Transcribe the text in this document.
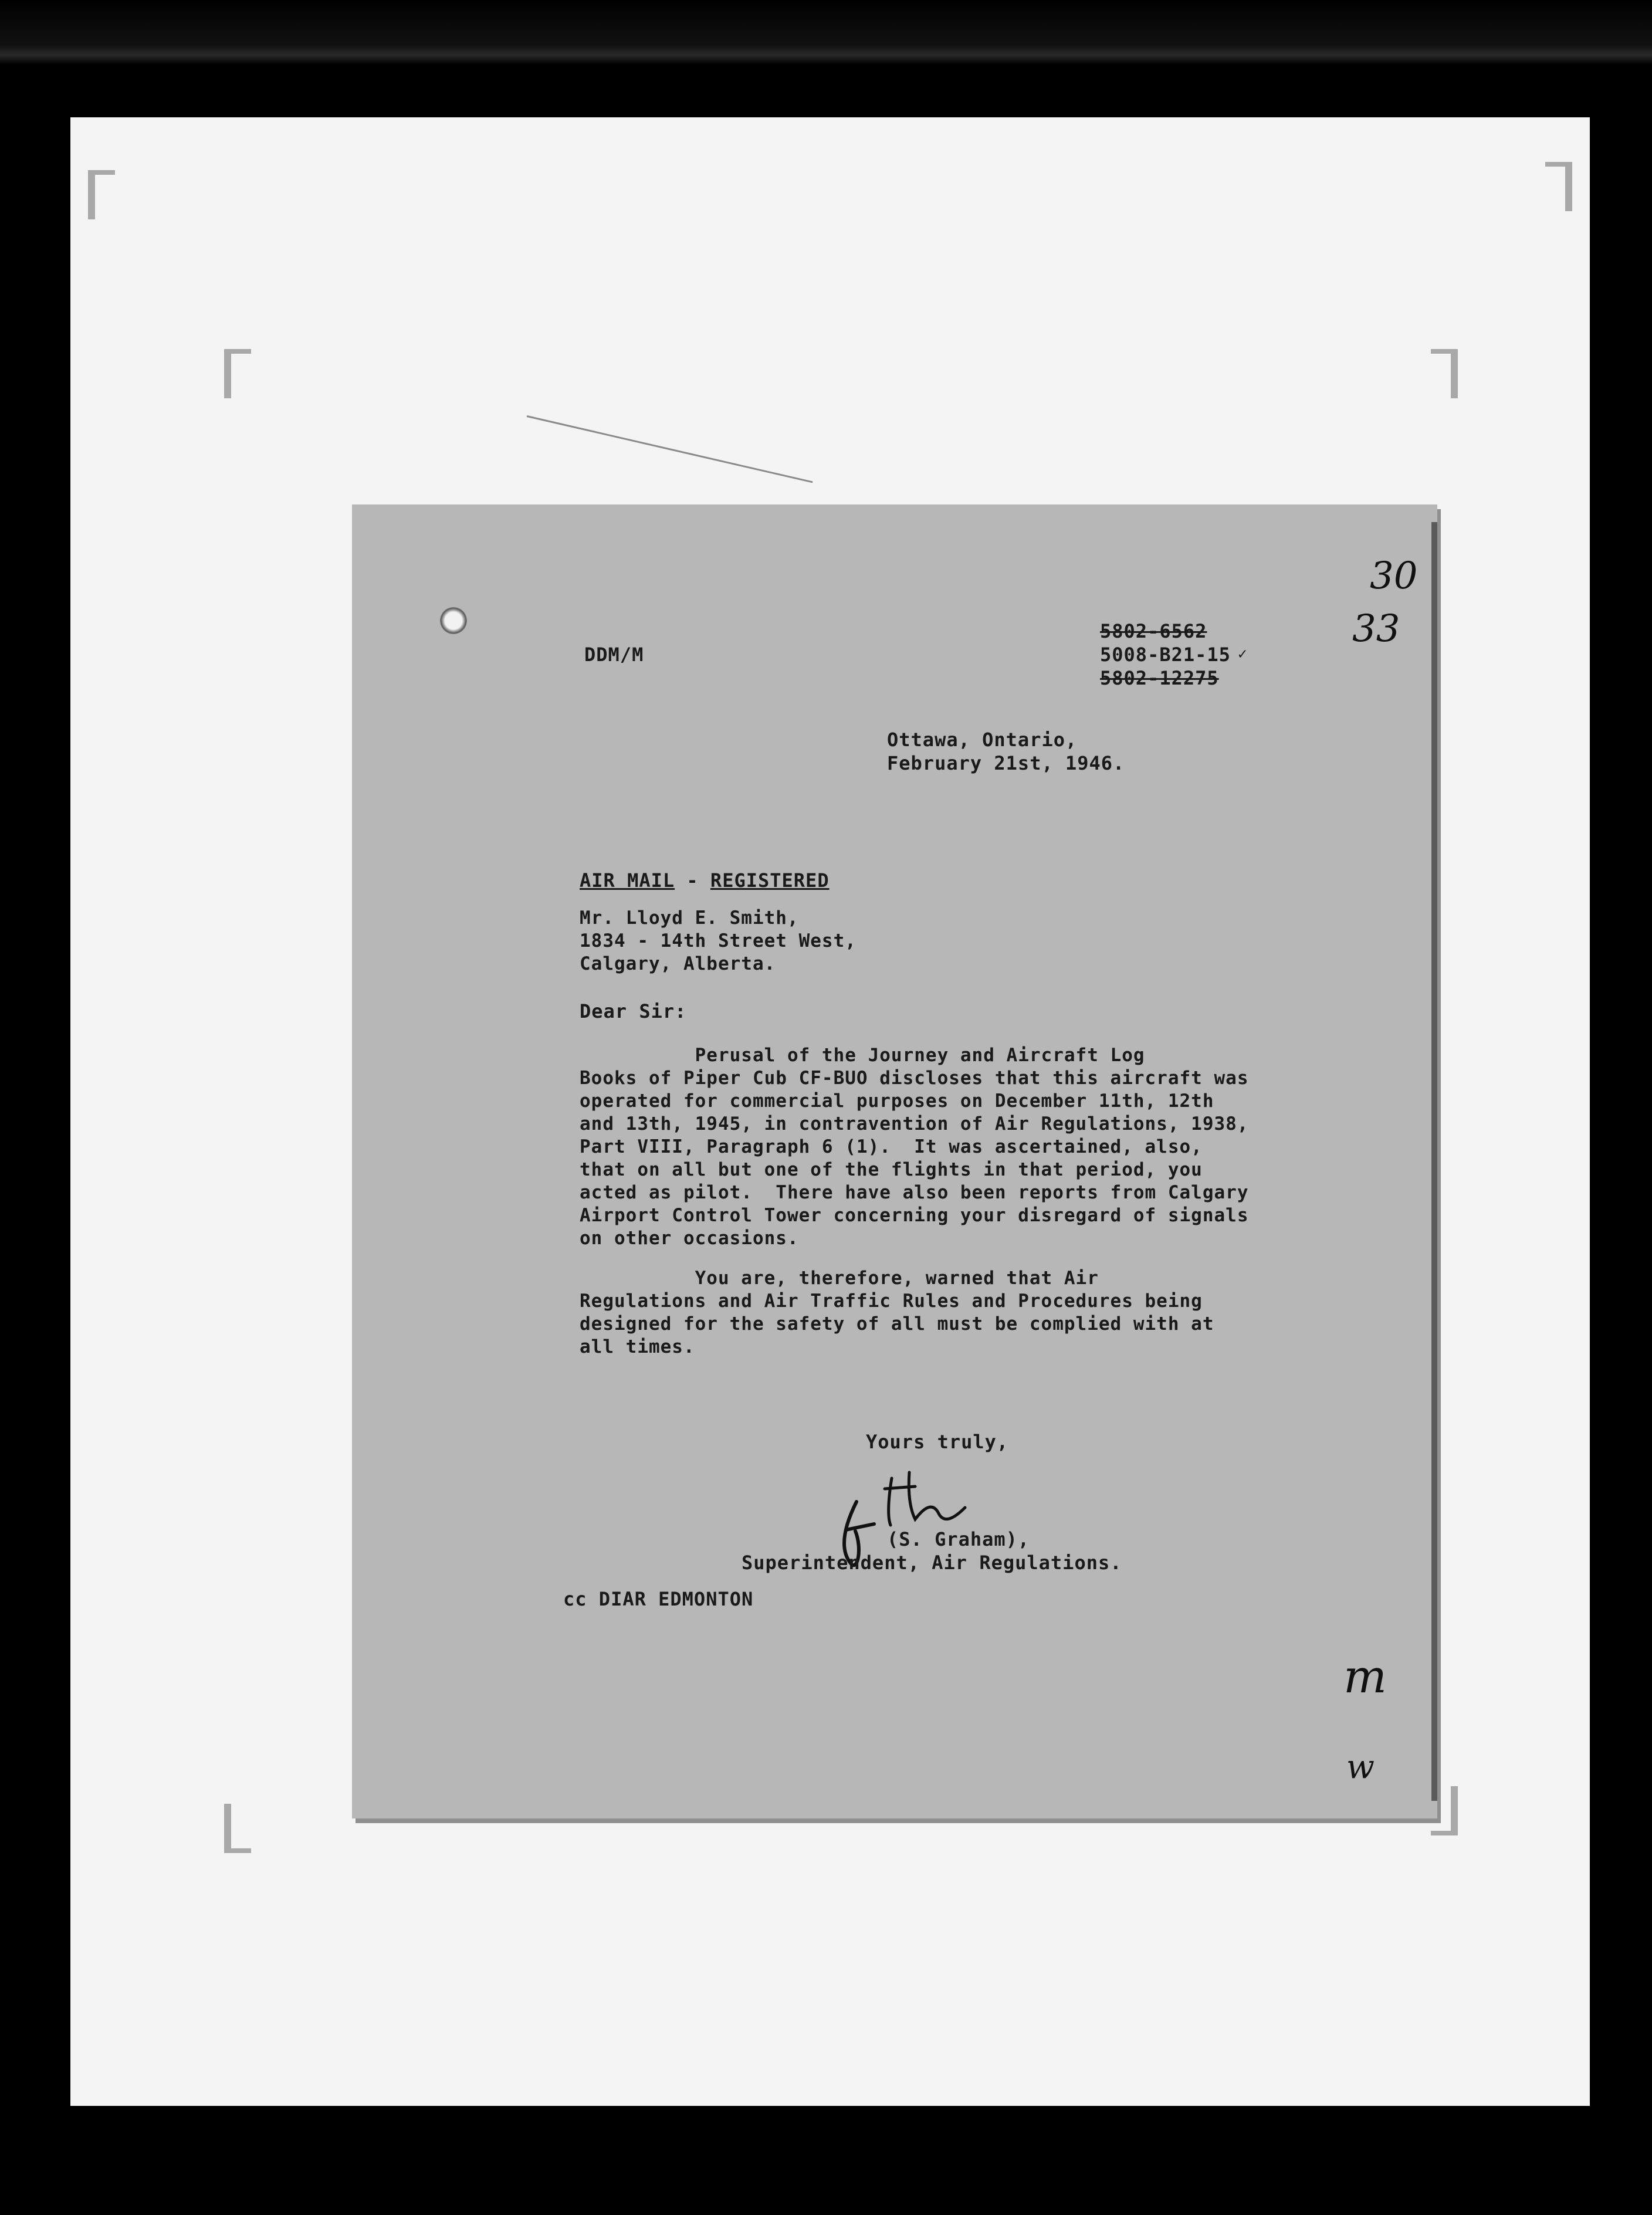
DDM/M
5802-6562
5008-B21-15 ✓
5802-12275
30
33
Ottawa, Ontario,
February 21st, 1946.
AIR MAIL - REGISTERED
Mr. Lloyd E. Smith,
1834 - 14th Street West,
Calgary, Alberta.
Dear Sir:
Perusal of the Journey and Aircraft Log
Books of Piper Cub CF-BUO discloses that this aircraft was
operated for commercial purposes on December 11th, 12th
and 13th, 1945, in contravention of Air Regulations, 1938,
Part VIII, Paragraph 6 (1).  It was ascertained, also,
that on all but one of the flights in that period, you
acted as pilot.  There have also been reports from Calgary
Airport Control Tower concerning your disregard of signals
on other occasions.
You are, therefore, warned that Air
Regulations and Air Traffic Rules and Procedures being
designed for the safety of all must be complied with at
all times.
Yours truly,
(S. Graham),
Superintendent, Air Regulations.
cc DIAR EDMONTON
m
w
